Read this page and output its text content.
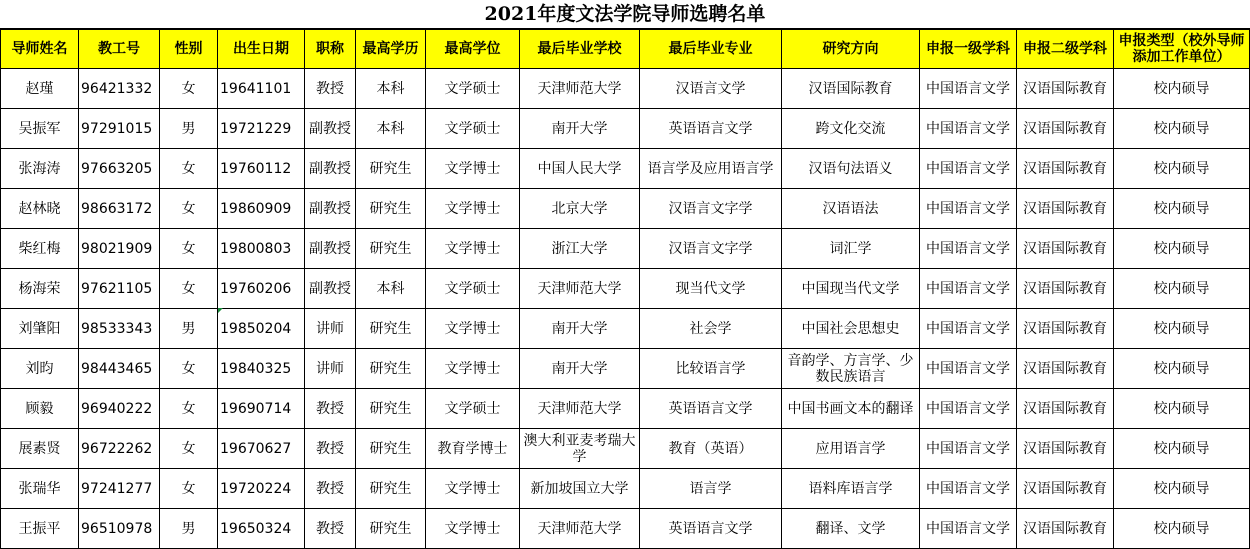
2021年度文法学院导师选聘名单
导师姓名	教工号	性别	出生日期	职称	最高学历	最高学位	最后毕业学校	最后毕业专业	研究方向	申报一级学科	申报二级学科	申报类型（校外导师添加工作单位）
赵瑾	96421332	女	19641101	教授	本科	文学硕士	天津师范大学	汉语言文学	汉语国际教育	中国语言文学	汉语国际教育	校内硕导
吴振军	97291015	男	19721229	副教授	本科	文学硕士	南开大学	英语语言文学	跨文化交流	中国语言文学	汉语国际教育	校内硕导
张海涛	97663205	女	19760112	副教授	研究生	文学博士	中国人民大学	语言学及应用语言学	汉语句法语义	中国语言文学	汉语国际教育	校内硕导
赵林晓	98663172	女	19860909	副教授	研究生	文学博士	北京大学	汉语言文字学	汉语语法	中国语言文学	汉语国际教育	校内硕导
柴红梅	98021909	女	19800803	副教授	研究生	文学博士	浙江大学	汉语言文字学	词汇学	中国语言文学	汉语国际教育	校内硕导
杨海荣	97621105	女	19760206	副教授	本科	文学硕士	天津师范大学	现当代文学	中国现当代文学	中国语言文学	汉语国际教育	校内硕导
刘肇阳	98533343	男	19850204	讲师	研究生	文学博士	南开大学	社会学	中国社会思想史	中国语言文学	汉语国际教育	校内硕导
刘昀	98443465	女	19840325	讲师	研究生	文学博士	南开大学	比较语言学	音韵学、方言学、少数民族语言	中国语言文学	汉语国际教育	校内硕导
顾毅	96940222	女	19690714	教授	研究生	文学硕士	天津师范大学	英语语言文学	中国书画文本的翻译	中国语言文学	汉语国际教育	校内硕导
展素贤	96722262	女	19670627	教授	研究生	教育学博士	澳大利亚麦考瑞大学	教育（英语）	应用语言学	中国语言文学	汉语国际教育	校内硕导
张瑞华	97241277	女	19720224	教授	研究生	文学博士	新加坡国立大学	语言学	语料库语言学	中国语言文学	汉语国际教育	校内硕导
王振平	96510978	男	19650324	教授	研究生	文学博士	天津师范大学	英语语言文学	翻译、文学	中国语言文学	汉语国际教育	校内硕导
